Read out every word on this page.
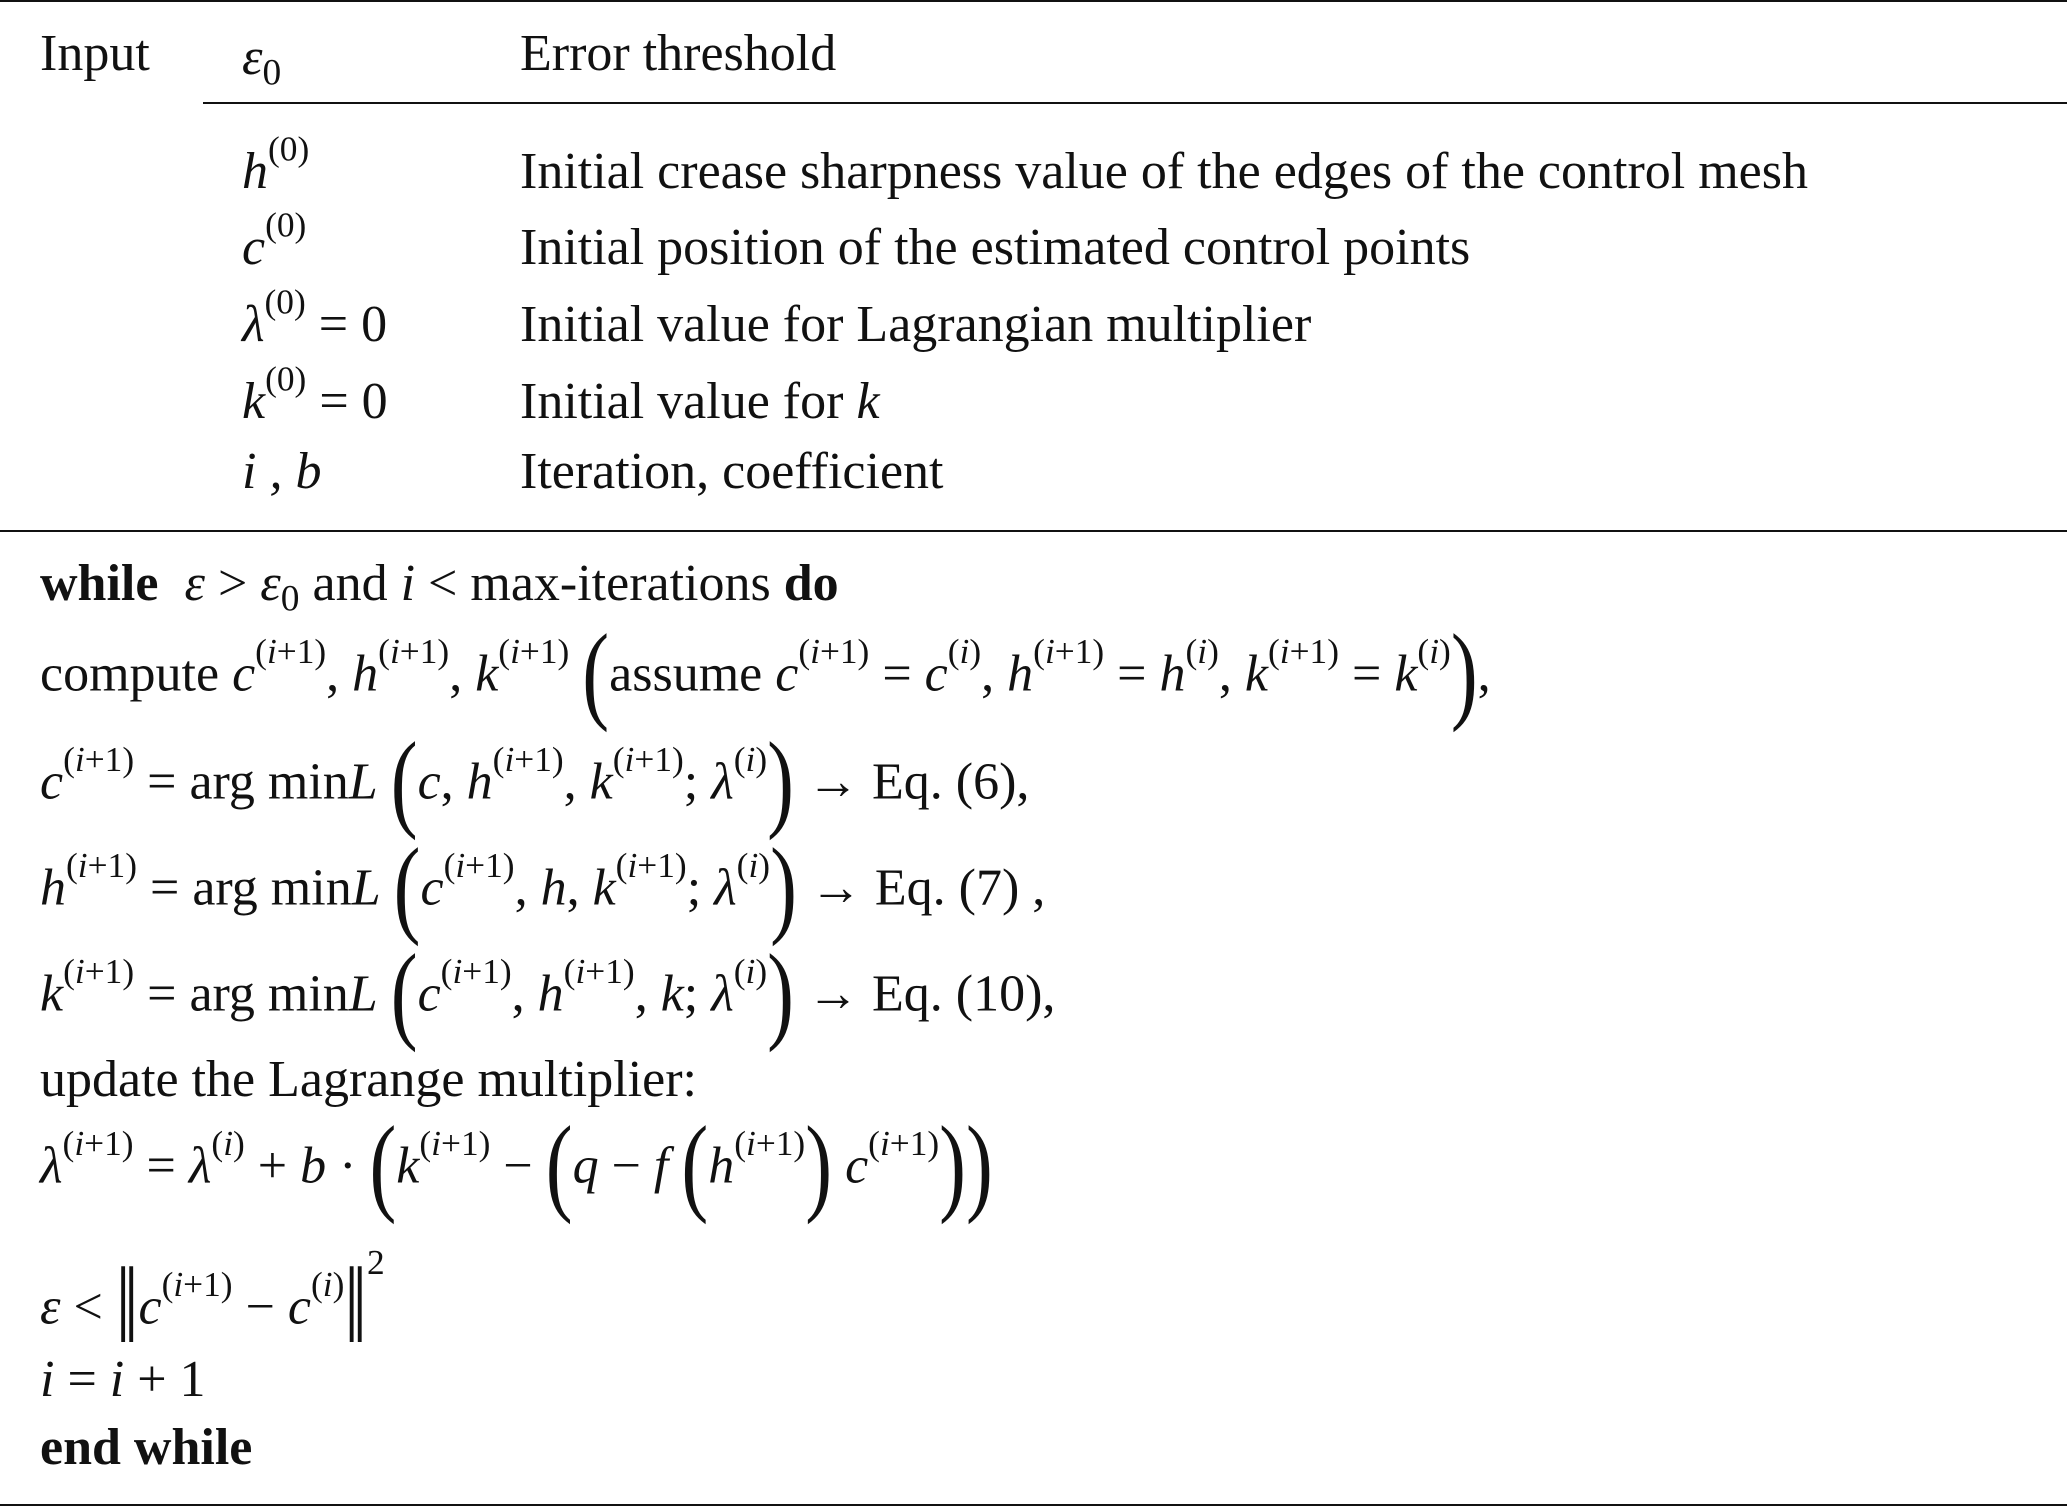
Input $\varepsilon_0$	Error threshold
$h^{(0)}$	Initial crease sharpness value of the edges of the control mesh
$c^{(0)}$	Initial position of the estimated control points
$\lambda^{(0)} = 0$	Initial value for Lagrangian multiplier
$k^{(0)} = 0$	Initial value for k
i , b	Iteration, coefficient
while $\varepsilon > \varepsilon_0$ and i < max-iterations do
compute $c^{(i+1)}$, $h^{(i+1)}$, $k^{(i+1)}$ (assume $c^{(i+1)} = c^{(i)}$, $h^{(i+1)} = h^{(i)}$, $k^{(i+1)} = k^{(i)}$),
$c^{(i+1)}$ = arg minL (c, $h^{(i+1)}$, $k^{(i+1)}$; $\lambda^{(i)}) \to Eq$. (6),
$h^{(i+1)}$ = arg minL ($c^{(i+1)}$, h, $k^{(i+1)}$; $\lambda^{(i)}) \to Eq$. (7) ,
$k^{(i+1)}$ = arg minL ($c^{(i+1)}$, $h^{(i+1)}$, k; $\lambda^{(i)}) \to Eq$. (10),
update the Lagrange multiplier:
$\lambda^{(i+1)} = \lambda^{(i)} + b \cdot (k^{(i+1)} - (q - f$ $(h^{(i+1)})$ $c^{(i+1)}$))
$\varepsilon < ‖c^{(i+1)}$ − $c^{(i)}‖^2$
i = i + 1
end while
